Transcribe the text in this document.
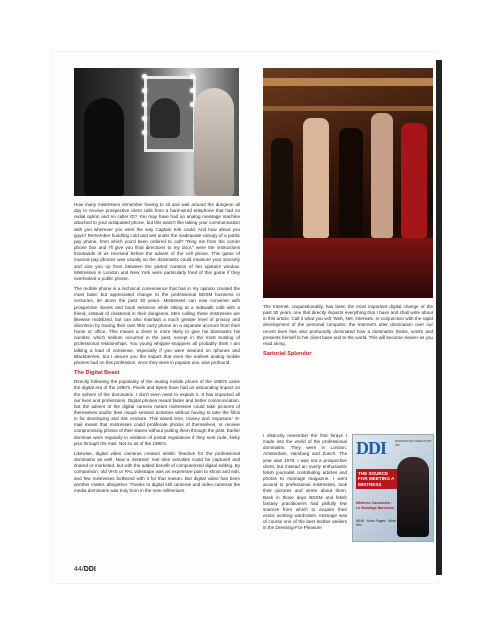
How many mistresses remember having to sit and wait around the dungeon all day to receive prospective client calls from a hard-wired telephone that had no redial option and no caller ID? You may have had an analog message machine attached to your antiquated phone, but this wasn't like taking your communication with you wherever you went the way Captain Kirk could. And how about you guys? Remember huddling cold and wet under the inadequate canopy of a public pay phone, from which you'd been ordered to call? "Ring me from the corner phone box and I'll give you final directions to my door," were the instructions thousands of us received before the advent of the cell phone. This game of musical pay phones was usually so the dominatrix could measure your sincerity and size you up from between the parted curtains of her upstairs window. Mistresses in London and New York were particularly fond of this game if they overlooked a public phone.

The mobile phone is a technical convenience that has in my opinion created the most basic but appreciated change to the professional BDSM business in centuries, let alone the past 30 years. Mistresses can now converse with prospective slaves and book sessions while sitting at a sidewalk café with a friend, instead of cloistered in their dungeons. Men calling these mistresses are likewise mobilized, but can also maintain a much greater level of privacy and discretion by having their own little carry phone on a separate account from their home or office. This means a client is more likely to give his dominatrix his number, which seldom occurred in the past, except in the most trusting of professional relationships. You young whipper-snappers all probably think I am talking a load of nonsense, especially if you were weaned on Iphones and Blackberries, but I assure you the impact that even the earliest analog mobile phones had on this profession, once they were in popular use, was profound.

The Digital Beast

Directly following the popularity of the analog mobile phone of the 1980's came the digital era of the 1990's. Pixels and Bytes have had an astounding impact on the sphere of the dominatrix. I don't even need to explain it. It has impacted all our lives and professions. Digital phones meant faster and better communication, but the advent of the digital camera meant mistresses could take pictures of themselves and/or their risqué session activities without having to take the films in for developing and risk censure. This saved time, money and 'exposure.' E-mail meant that mistresses could proliferate photos of themselves, or receive compromising photos of their slaves without putting them through the post. Earlier dominas were regularly in violation of postal regulations if they sent rude, kinky pics through the mail. Not so as of the 1990's.

Likewise, digital video cameras created artistic freedom for the professional dominatrix as well. Now a mistress' real time activities could be captured and shared or marketed, but with the added benefit of computerized digital editing. By comparison, old VHS or PAL videotape was an expensive pain to shoot and edit, and few mistresses bothered with it for that reason. But digital video has been another matter, altogether. Thanks to digital still cameras and video cameras the media dominatrix was truly born in the new millennium.

The Internet, unquestionably, has been the most important digital change of the past 30 years, one that directly impacts everything that I have and shall write about in this article. Call it what you will: Web, Net, Interweb. In conjunction with the rapid development of the personal computer, the Internet's utter domination over our recent lives has also profoundly dominated how a dominatrix thinks, works and presents herself to her client base and to the world. This will become clearer as you read along.

Sartorial Splendor

I distinctly remember the first forays I made into the world of the professional dominatrix. They were in London, Amsterdam, Hamburg and Zurich. The year was 1978. I was not a prospective client, but instead an overly enthusiastic fetish journalist contributing articles and photos to Atomage magazine. I went around to professional mistresses, took their pictures and wrote about them. Back in those days BDSM and fetish fantasy practitioners had pitifully few sources from which to acquire their exotic working wardrobes. Atomage was of course one of the best leather ateliers in the Dressing-For-Pleasure

DDI	DOMINATRIX DIRECTORY INT.
THE SOURCE FOR MEETING A MISTRESS
Mistress Cassandra · Le Bondage Baroness
NEW · More Pages · More Sex
44/DDI
